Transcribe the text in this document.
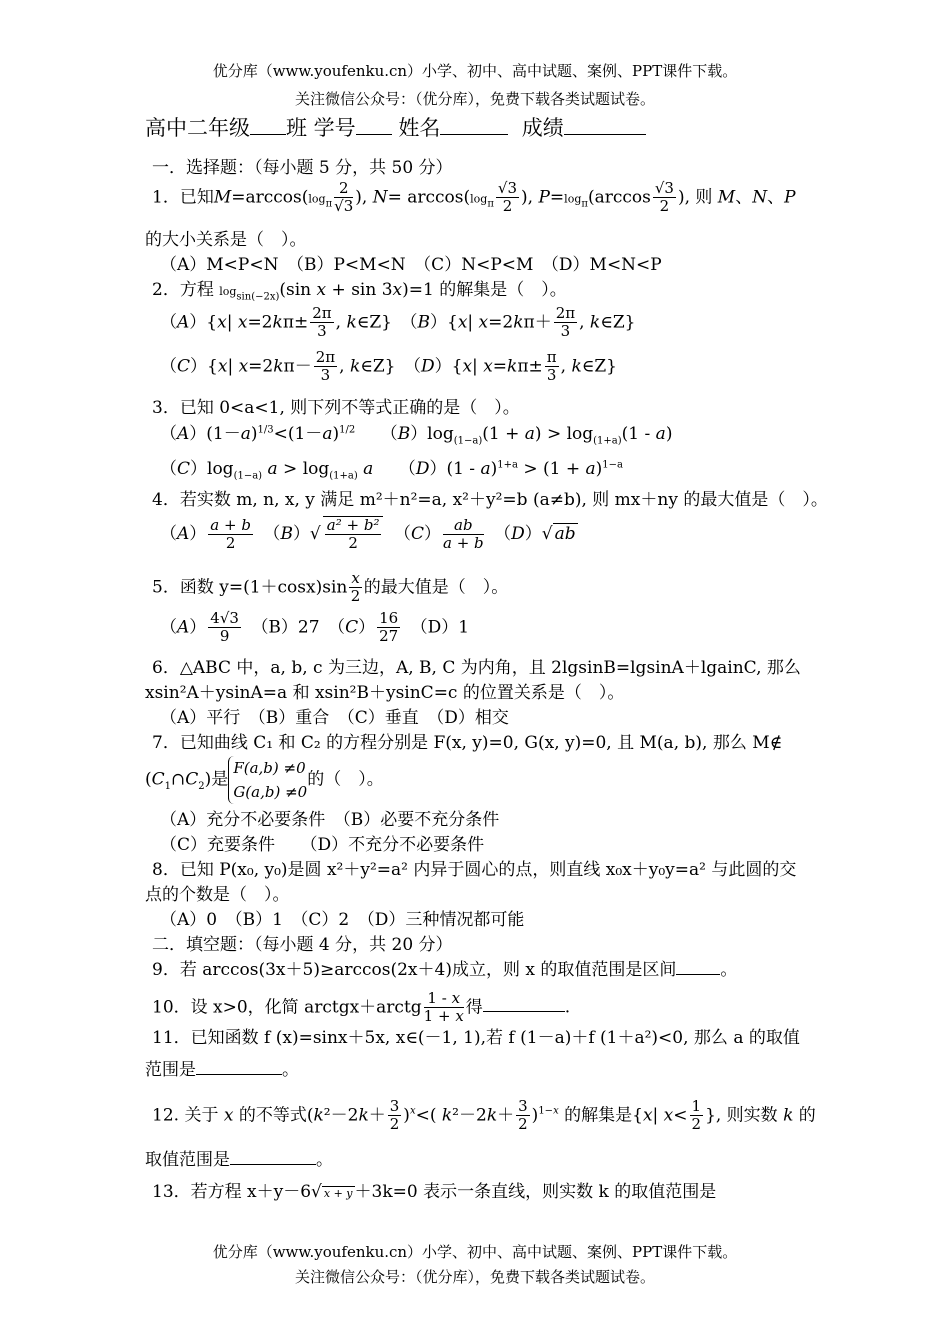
优分库（www.youfenku.cn）小学、初中、高中试题、案例、PPT课件下载。
关注微信公众号：（优分库），免费下载各类试题试卷。
高中二年级 班 学号 姓名	成绩
一．选择题：（每小题 5 分，共 50 分）
1．已知$M=\arccos(\log_\pi \frac{2}{√3}$ ), $N= \arccos(\log_\pi \frac{√3}{2}$ ), $P=\log_\pi(\arccos \frac{√3}{2}$ ), 则 M、N、P
的大小关系是（　）。
（A）M<P<N　（B）P<M<N　（C）N<P<M　（D）M<N<P
2．方程 $\log_{sin(-2x)}(\sin$ x + sin 3x)=1 的解集是（　）。
（A）{x| $x=2k\pi\pm \frac{2\pi}{3}$ , k∈Z}　（B）{x| $x=2k\pi+ \frac{2\pi}{3}$ , k∈Z}
（C）{x| $x=2k\pi- \frac{2\pi}{3}$ , k∈Z}　（D）{x| $x=k\pi\pm \frac{\pi}{3}$ , k∈Z}
3．已知 0<a<1, 则下列不等式正确的是（　）。
$(A)(1-a)^{1/3}<(1-a)^{1/2}$　　$(B)\log_{(1-a)}(1 + a) > \log_{(1+a)}(1 - a)$
$(C)\log_{(1-a)}$ $a > \log_{(1+a)} a$　　$(D)(1 - a)^{1+a} > (1 + a)^{1-a}$
4．若实数 m, n, x, y 满足 m²＋n²=a, x²＋y²=b (a≠b), 则 mx＋ny 的最大值是（　）。
$(A) \frac{a + b}{2}$ 　$(B)√ \frac{\text{a² + b²}}{2}$ 　$(C) \frac{ab}{a + b}$ 　（D）√ ab
5．函数 $y=(1+\cos x)\sin \frac{x}{2}$ 的最大值是（　）。
$(A) \frac{4√3}{9}$
　 （B）27　$(C) \frac{16}{27}$
　 （D）1
6．△ABC 中，a, b, c 为三边，A, B, C 为内角，且 2lgsinB=lgsinA＋lgainC, 那么
xsin²A＋ysinA=a 和 xsin²B＋ysinC=c 的位置关系是（　）。
（A）平行　（B）重合　（C）垂直　（D）相交
7．已知曲线 C₁ 和 C₂ 的方程分别是 F(x, y)=0, G(x, y)=0, 且 M(a, b), 那么 M∉
$(C_1\cap C_2)$是F(a,b) ≠0
G(a,b) ≠0的（　）。
（A）充分不必要条件　（B）必要不充分条件
（C）充要条件　　（D）不充分不必要条件
8．已知 P(x₀, y₀)是圆 x²＋y²=a² 内异于圆心的点，则直线 x₀x＋y₀y=a² 与此圆的交
点的个数是（　）。
（A）0　（B）1　（C）2　（D）三种情况都可能
二．填空题：（每小题 4 分，共 20 分）
9．若 arccos(3x＋5)≥arccos(2x＋4)成立，则 x 的取值范围是区间	。
10．设 x>0，化简 arctgx＋arctg $\frac{1 - x}{1 + x}$ 得	.
11．已知函数 f (x)=sinx＋5x, x∈(－1, 1),若 f (1－a)＋f (1＋a²)<0, 那么 a 的取值
范围是	。
12. 关于 x 的不等式$(k^2-2k+ \frac{3}{2} )^x<$( $k^2-2k+ \frac{3}{2} )^{1-x}$ 的解集是{x| $x< \frac{1}{2}$ }, 则实数 k 的
取值范围是	。
13．若方程 x＋y－6√ x + y ＋3k=0 表示一条直线，则实数 k 的取值范围是
优分库（www.youfenku.cn）小学、初中、高中试题、案例、PPT课件下载。
关注微信公众号：（优分库），免费下载各类试题试卷。
